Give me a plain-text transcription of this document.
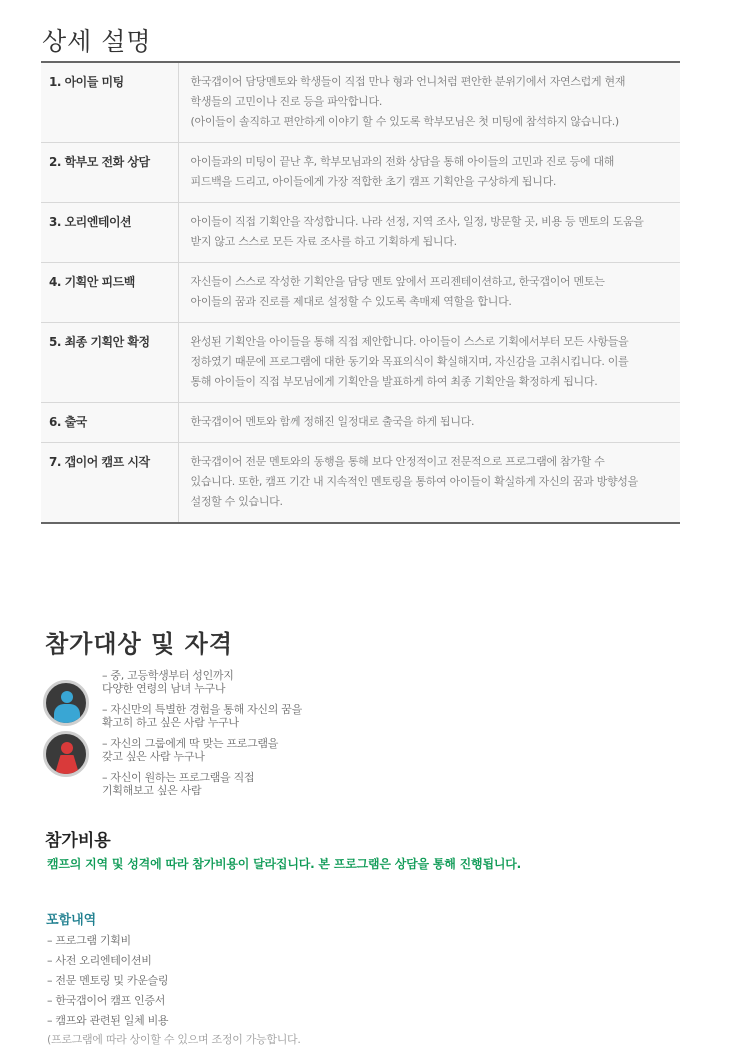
상세 설명
1. 아이들 미팅	한국갭이어 담당멘토와 학생들이 직접 만나 형과 언니처럼 편안한 분위기에서 자연스럽게 현재
학생들의 고민이나 진로 등을 파악합니다.
(아이들이 솔직하고 편안하게 이야기 할 수 있도록 학부모님은 첫 미팅에 참석하지 않습니다.)
2. 학부모 전화 상담	아이들과의 미팅이 끝난 후, 학부모님과의 전화 상담을 통해 아이들의 고민과 진로 등에 대해
피드백을 드리고, 아이들에게 가장 적합한 초기 캠프 기획안을 구상하게 됩니다.
3. 오리엔테이션	아이들이 직접 기획안을 작성합니다. 나라 선정, 지역 조사, 일정, 방문할 곳, 비용 등 멘토의 도움을
받지 않고 스스로 모든 자료 조사를 하고 기획하게 됩니다.
4. 기획안 피드백	자신들이 스스로 작성한 기획안을 담당 멘토 앞에서 프리젠테이션하고, 한국갭이어 멘토는
아이들의 꿈과 진로를 제대로 설정할 수 있도록 촉매제 역할을 합니다.
5. 최종 기획안 확정	완성된 기획안을 아이들을 통해 직접 제안합니다. 아이들이 스스로 기획에서부터 모든 사항들을
정하였기 때문에 프로그램에 대한 동기와 목표의식이 확실해지며, 자신감을 고취시킵니다. 이를
통해 아이들이 직접 부모님에게 기획안을 발표하게 하여 최종 기획안을 확정하게 됩니다.
6. 출국	한국갭이어 멘토와 함께 정해진 일정대로 출국을 하게 됩니다.
7. 갭이어 캠프 시작	한국갭이어 전문 멘토와의 동행을 통해 보다 안정적이고 전문적으로 프로그램에 참가할 수
있습니다. 또한, 캠프 기간 내 지속적인 멘토링을 통하여 아이들이 확실하게 자신의 꿈과 방향성을
설정할 수 있습니다.
참가대상 및 자격
– 중, 고등학생부터 성인까지
다양한 연령의 남녀 누구나
– 자신만의 특별한 경험을 통해 자신의 꿈을
확고히 하고 싶은 사람 누구나
– 자신의 그룹에게 딱 맞는 프로그램을
갖고 싶은 사람 누구나
– 자신이 원하는 프로그램을 직접
기획해보고 싶은 사람
참가비용

캠프의 지역 및 성격에 따라 참가비용이 달라집니다. 본 프로그램은 상담을 통해 진행됩니다.

포함내역
– 프로그램 기획비
– 사전 오리엔테이션비
– 전문 멘토링 및 카운슬링
– 한국갭이어 캠프 인증서
– 캠프와 관련된 일체 비용

(프로그램에 따라 상이할 수 있으며 조정이 가능합니다.
